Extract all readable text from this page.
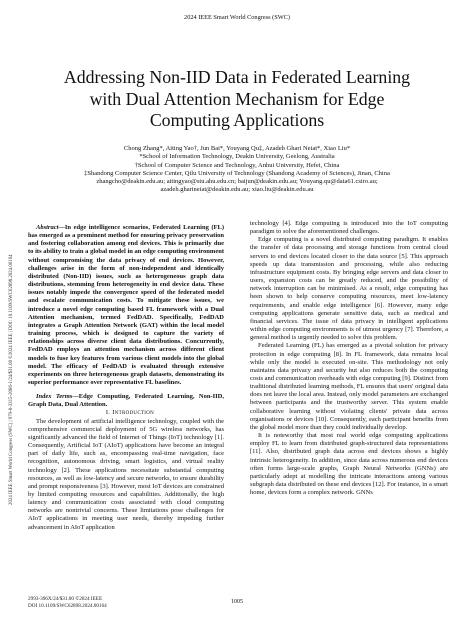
2024 IEEE Smart World Congress (SWC) | 979-8-3315-2086-1/24/$31.00 ©2024 IEEE | DOI: 10.1109/SWC62898.2024.00164
2024 IEEE Smart World Congress (SWC)
Addressing Non-IID Data in Federated Learning
with Dual Attention Mechanism for Edge
Computing Applications
Chong Zhang*, Aiting Yao†, Jun Bai*, Youyang Qu‡, Azadeh Ghari Neiat*, Xiao Liu*
*School of Information Technology, Deakin University, Geelong, Australia
†School of Computer Science and Technology, Anhui University, Hefei, China
‡Shandong Computer Science Center, Qilu University of Technology (Shandong Academy of Sciences), Jinan, China
zhangcho@deakin.edu.au; aitingyao@stu.ahu.edu.cn; baijun@deakin.edu.au; Youyang.qu@data61.csiro.au;
azadeh.gharineiat@deakin.edu.au; xiao.liu@deakin.edu.au

Abstract—In edge intelligence scenarios, Federated Learning (FL) has emerged as a prominent method for ensuring privacy preservation and fostering collaboration among end devices. This is primarily due to its ability to train a global model in an edge computing environment without compromising the data privacy of end devices. However, challenges arise in the form of non-independent and identically distributed (Non-IID) issues, such as heterogeneous graph data distributions, stemming from heterogeneity in end device data. These issues notably impede the convergence speed of the federated model and escalate communication costs. To mitigate these issues, we introduce a novel edge computing based FL framework with a Dual Attention mechanism, termed FedDAD. Specifically, FedDAD integrates a Graph Attention Network (GAT) within the local model training process, which is designed to capture the variety of relationships across diverse client data distributions. Concurrently, FedDAD employs an attention mechanism across different client models to fuse key features from various client models into the global model. The efficacy of FedDAD is evaluated through extensive experiments on three heterogeneous graph datasets, demonstrating its superior performance over representative FL baselines.

Index Terms—Edge Computing, Federated Learning, Non-IID, Graph Data, Dual Attention.

I. Introduction

The development of artificial intelligence technology, coupled with the comprehensive commercial deployment of 5G wireless networks, has significantly advanced the field of Internet of Things (IoT) technology [1]. Consequently, Artificial IoT (AIoT) applications have become an integral part of daily life, such as, encompassing real-time navigation, face recognition, autonomous driving, smart logistics, and virtual reality technology [2]. These applications necessitate substantial computing resources, as well as low-latency and secure networks, to ensure durability and prompt responsiveness [3]. However, most IoT devices are constrained by limited computing resources and capabilities. Additionally, the high latency and communication costs associated with cloud computing networks are nontrivial concerns. These limitations pose challenges for AIoT applications in meeting user needs, thereby impeding further advancement in AIoT application

technology [4]. Edge computing is introduced into the IoT computing paradigm to solve the aforementioned challenges.

Edge computing is a novel distributed computing paradigm. It enables the transfer of data processing and storage functions from central cloud servers to end devices located closer to the data source [5]. This approach speeds up data transmission and processing, while also reducing infrastructure equipment costs. By bringing edge servers and data closer to users, expansion costs can be greatly reduced, and the possibility of network interruption can be minimised. As a result, edge computing has been shown to help conserve computing resources, meet low-latency requirements, and enable edge intelligence [6]. However, many edge computing applications generate sensitive data, such as medical and financial services. The issue of data privacy in intelligent applications within edge computing environments is of utmost urgency [7]. Therefore, a general method is urgently needed to solve this problem.

Federated Learning (FL) has emerged as a pivotal solution for privacy protection in edge computing [8]. In FL framework, data remains local while only the model is executed on-site. This methodology not only maintains data privacy and security but also reduces both the computing costs and communication overheads with edge computing [9]. Distinct from traditional distributed learning methods, FL ensures that users' original data does not leave the local area. Instead, only model parameters are exchanged between participants and the trustworthy server. This system enable collaborative learning without violating clients' private data across organisations or devices [10]. Consequently, each participant benefits from the global model more than they could individually develop.

It is noteworthy that most real world edge computing applications employ FL to learn from distributed graph-structured data representations [11]. Also, distributed graph data across end devices shows a highly intrinsic heterogeneity. In addition, since data across numerous end devices often forms large-scale graphs, Graph Neural Networks (GNNs) are particularly adept at modelling the intricate interactions among various subgraph data distributed on these end devices [12]. For instance, in a smart home, devices form a complex network. GNNs

2993-396X/24/$31.00 ©2024 IEEE
DOI 10.1109/SWC62898.2024.00164
1005
